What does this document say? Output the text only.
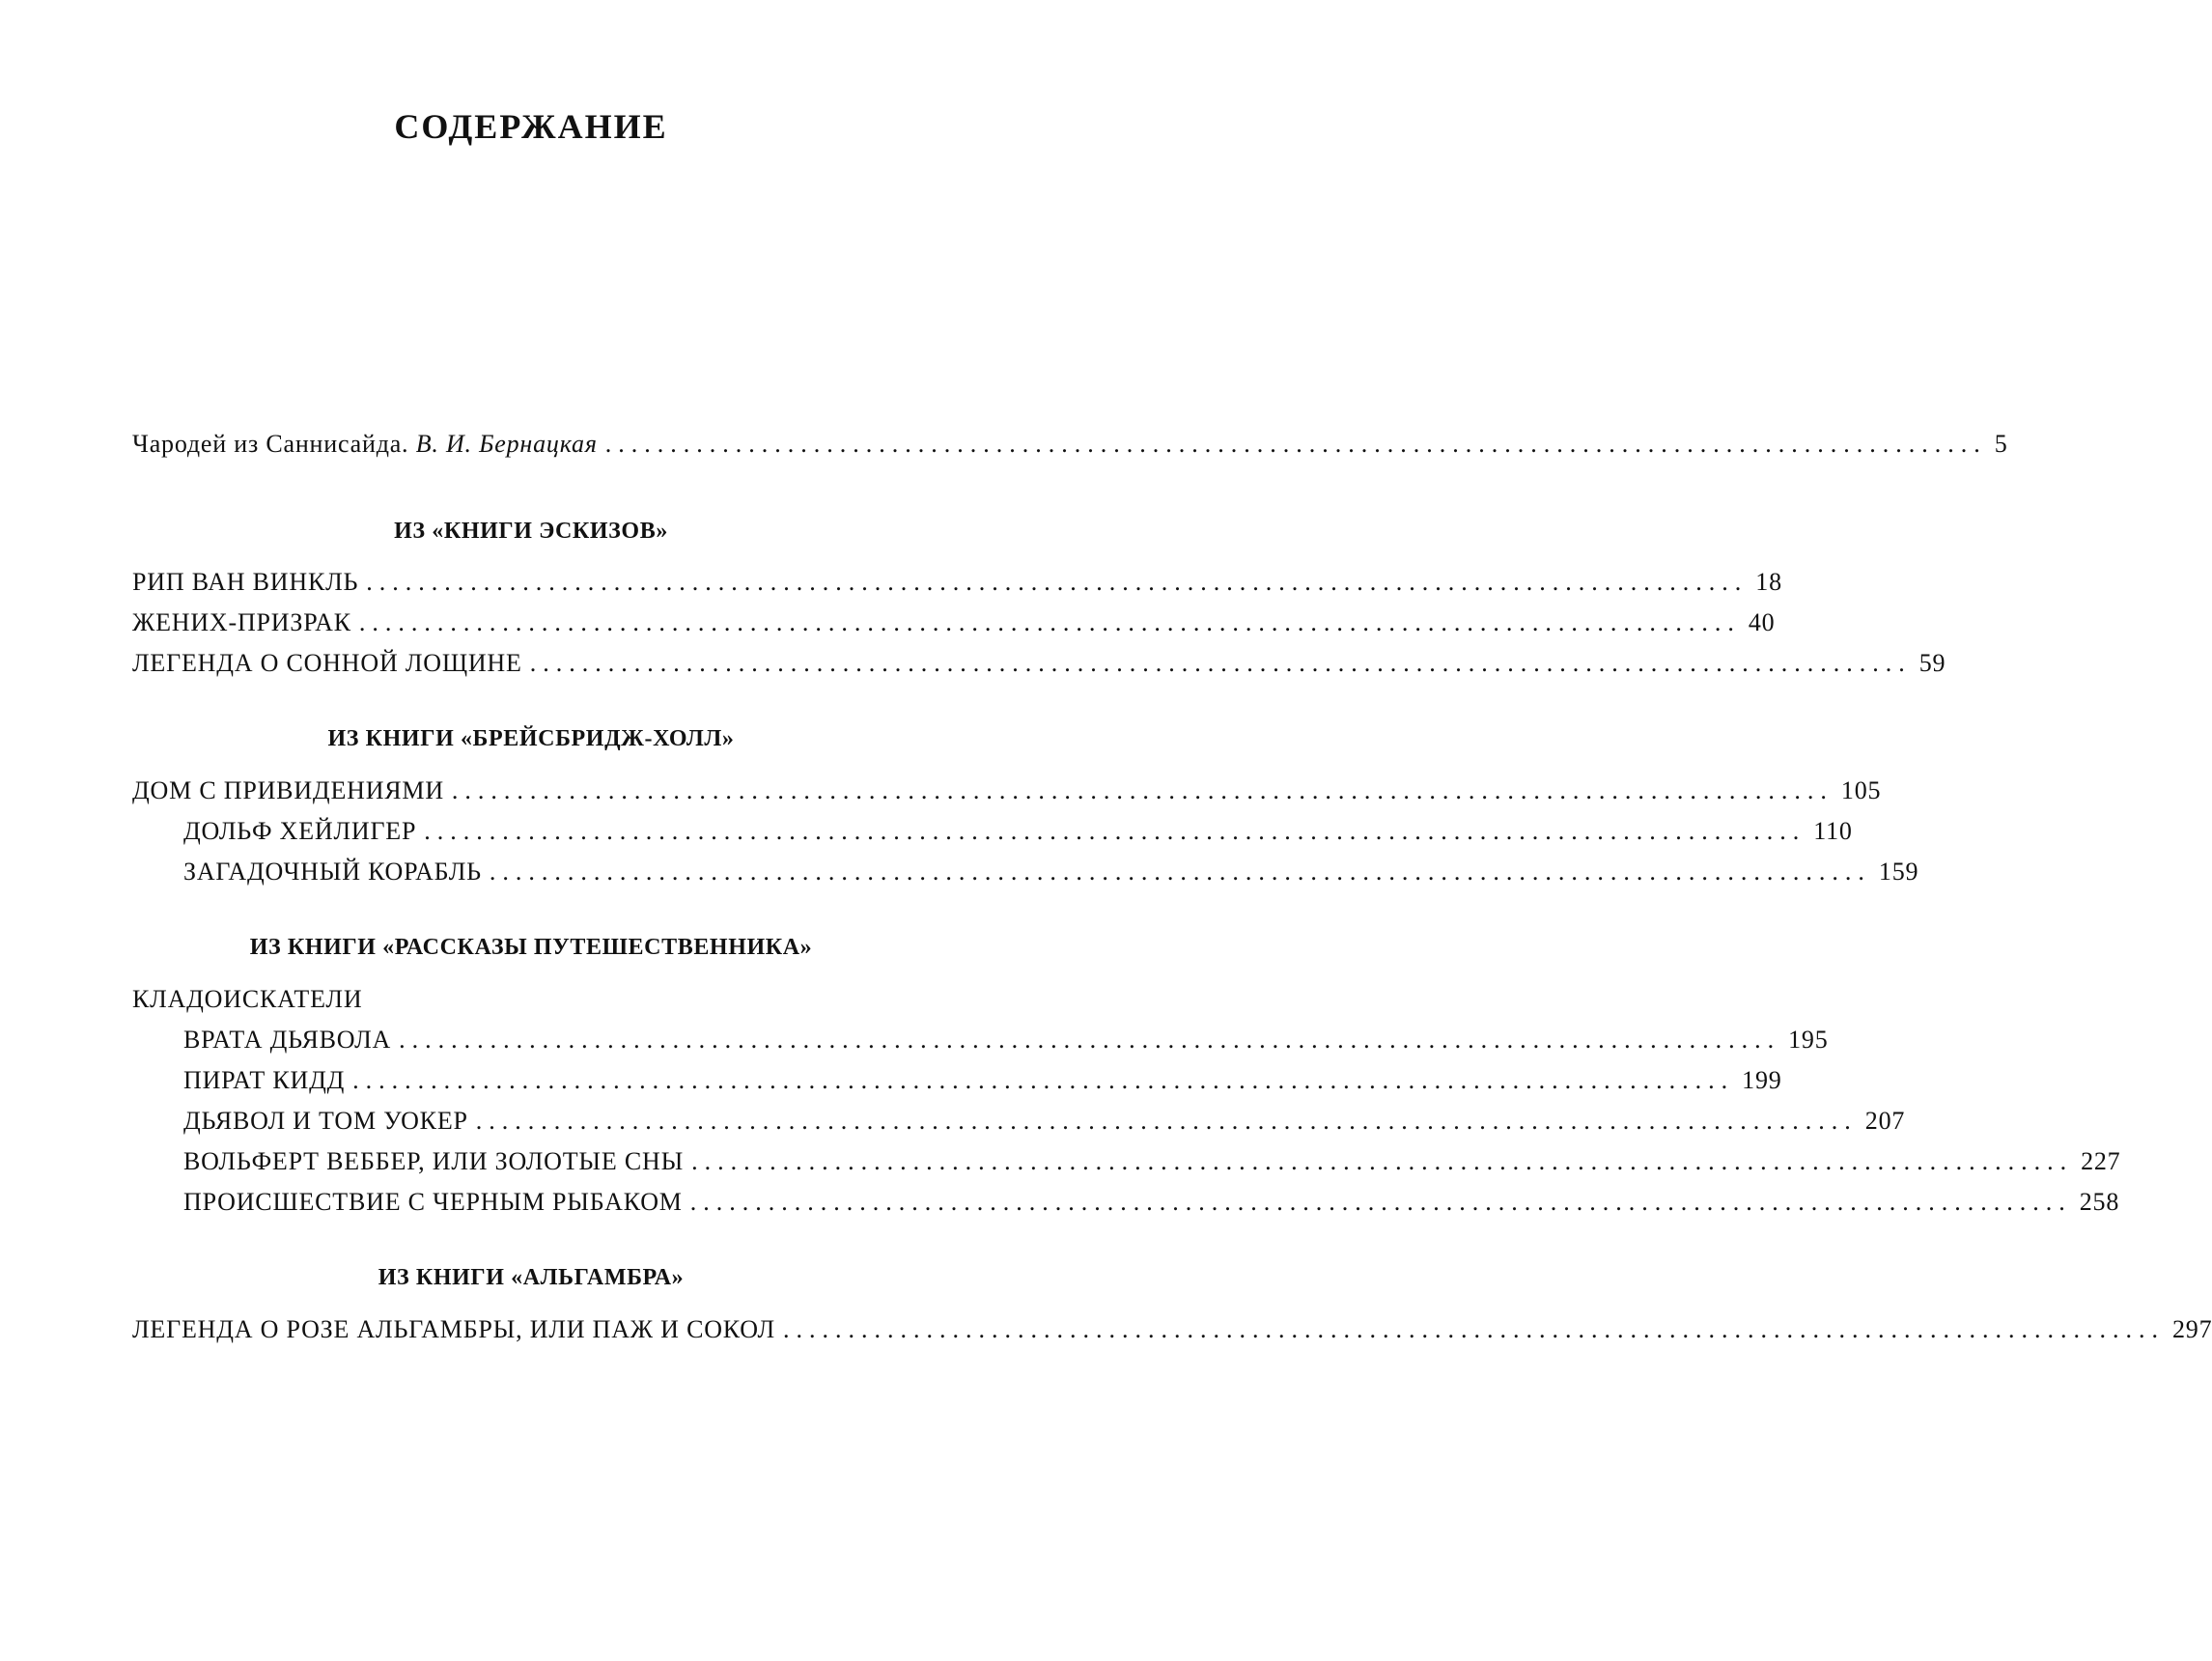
СОДЕРЖАНИЕ
Чародей из Саннисайда. В. И. Бернацкая .......................................................................................................... 5
ИЗ «КНИГИ ЭСКИЗОВ»
РИП ВАН ВИНКЛЬ .......................................................................................................... 18
ЖЕНИХ-ПРИЗРАК .......................................................................................................... 40
ЛЕГЕНДА О СОННОЙ ЛОЩИНЕ .......................................................................................................... 59
ИЗ КНИГИ «БРЕЙСБРИДЖ-ХОЛЛ»
ДОМ С ПРИВИДЕНИЯМИ .......................................................................................................... 105
ДОЛЬФ ХЕЙЛИГЕР .......................................................................................................... 110
ЗАГАДОЧНЫЙ КОРАБЛЬ .......................................................................................................... 159
ИЗ КНИГИ «РАССКАЗЫ ПУТЕШЕСТВЕННИКА»
КЛАДОИСКАТЕЛИ
ВРАТА ДЬЯВОЛА .......................................................................................................... 195
ПИРАТ КИДД .......................................................................................................... 199
ДЬЯВОЛ И ТОМ УОКЕР .......................................................................................................... 207
ВОЛЬФЕРТ ВЕББЕР, ИЛИ ЗОЛОТЫЕ СНЫ .......................................................................................................... 227
ПРОИСШЕСТВИЕ С ЧЕРНЫМ РЫБАКОМ .......................................................................................................... 258
ИЗ КНИГИ «АЛЬГАМБРА»
ЛЕГЕНДА О РОЗЕ АЛЬГАМБРЫ, ИЛИ ПАЖ И СОКОЛ .......................................................................................................... 297
